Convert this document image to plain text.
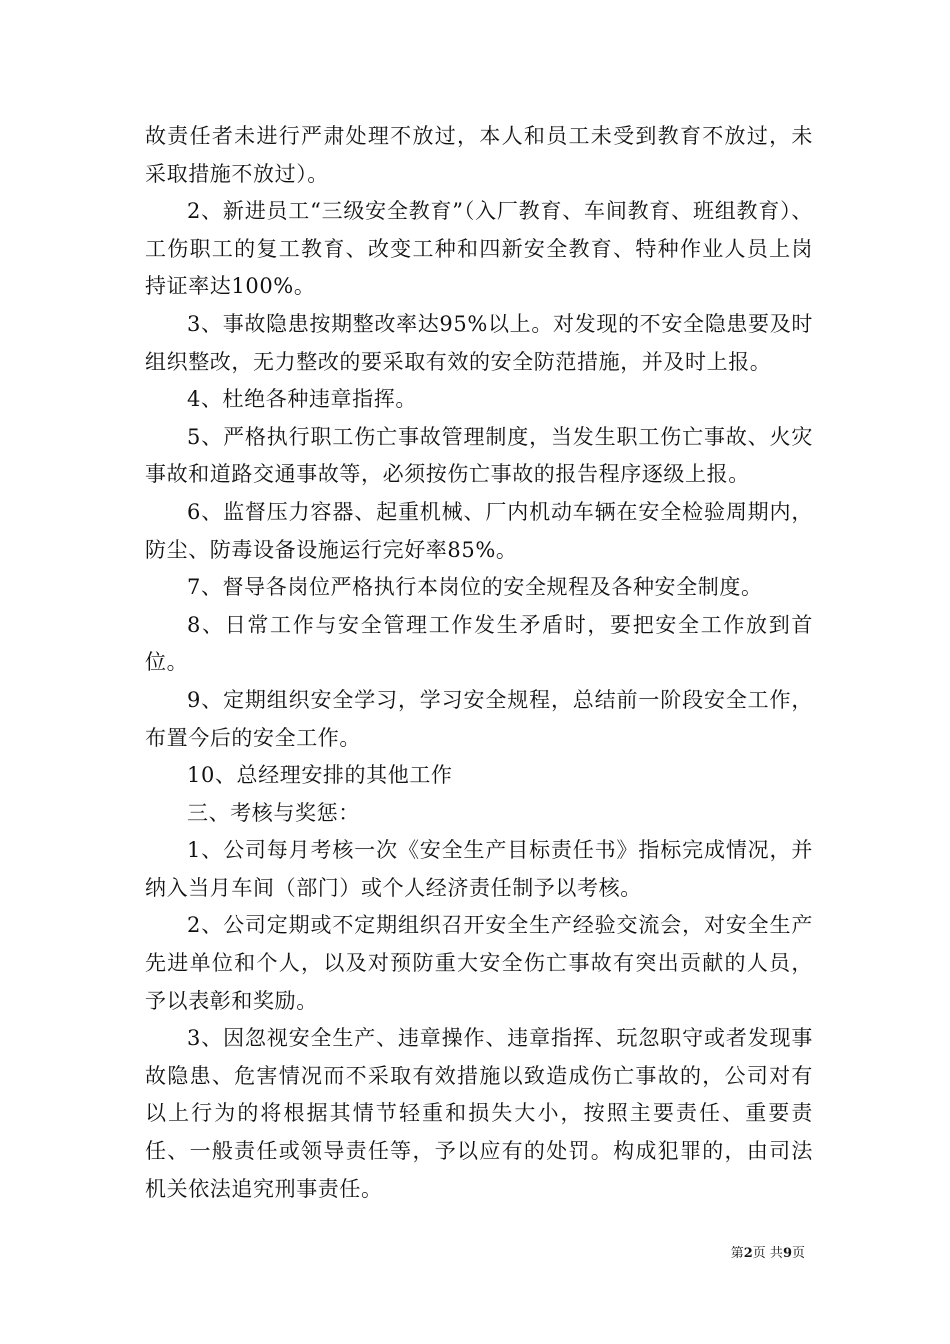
故责任者未进行严肃处理不放过，本人和员工未受到教育不放过，未采取措施不放过）。

2、新进员工“三级安全教育”（入厂教育、车间教育、班组教育）、工伤职工的复工教育、改变工种和四新安全教育、特种作业人员上岗持证率达100%。

3、事故隐患按期整改率达95%以上。对发现的不安全隐患要及时组织整改，无力整改的要采取有效的安全防范措施，并及时上报。

4、杜绝各种违章指挥。

5、严格执行职工伤亡事故管理制度，当发生职工伤亡事故、火灾事故和道路交通事故等，必须按伤亡事故的报告程序逐级上报。

6、监督压力容器、起重机械、厂内机动车辆在安全检验周期内，防尘、防毒设备设施运行完好率85%。

7、督导各岗位严格执行本岗位的安全规程及各种安全制度。

8、日常工作与安全管理工作发生矛盾时，要把安全工作放到首位。

9、定期组织安全学习，学习安全规程，总结前一阶段安全工作，布置今后的安全工作。

10、总经理安排的其他工作

三、考核与奖惩：

1、公司每月考核一次《安全生产目标责任书》指标完成情况，并纳入当月车间（部门）或个人经济责任制予以考核。

2、公司定期或不定期组织召开安全生产经验交流会，对安全生产先进单位和个人，以及对预防重大安全伤亡事故有突出贡献的人员，予以表彰和奖励。

3、因忽视安全生产、违章操作、违章指挥、玩忽职守或者发现事故隐患、危害情况而不采取有效措施以致造成伤亡事故的，公司对有以上行为的将根据其情节轻重和损失大小，按照主要责任、重要责任、一般责任或领导责任等，予以应有的处罚。构成犯罪的，由司法机关依法追究刑事责任。

第2页 共9页
